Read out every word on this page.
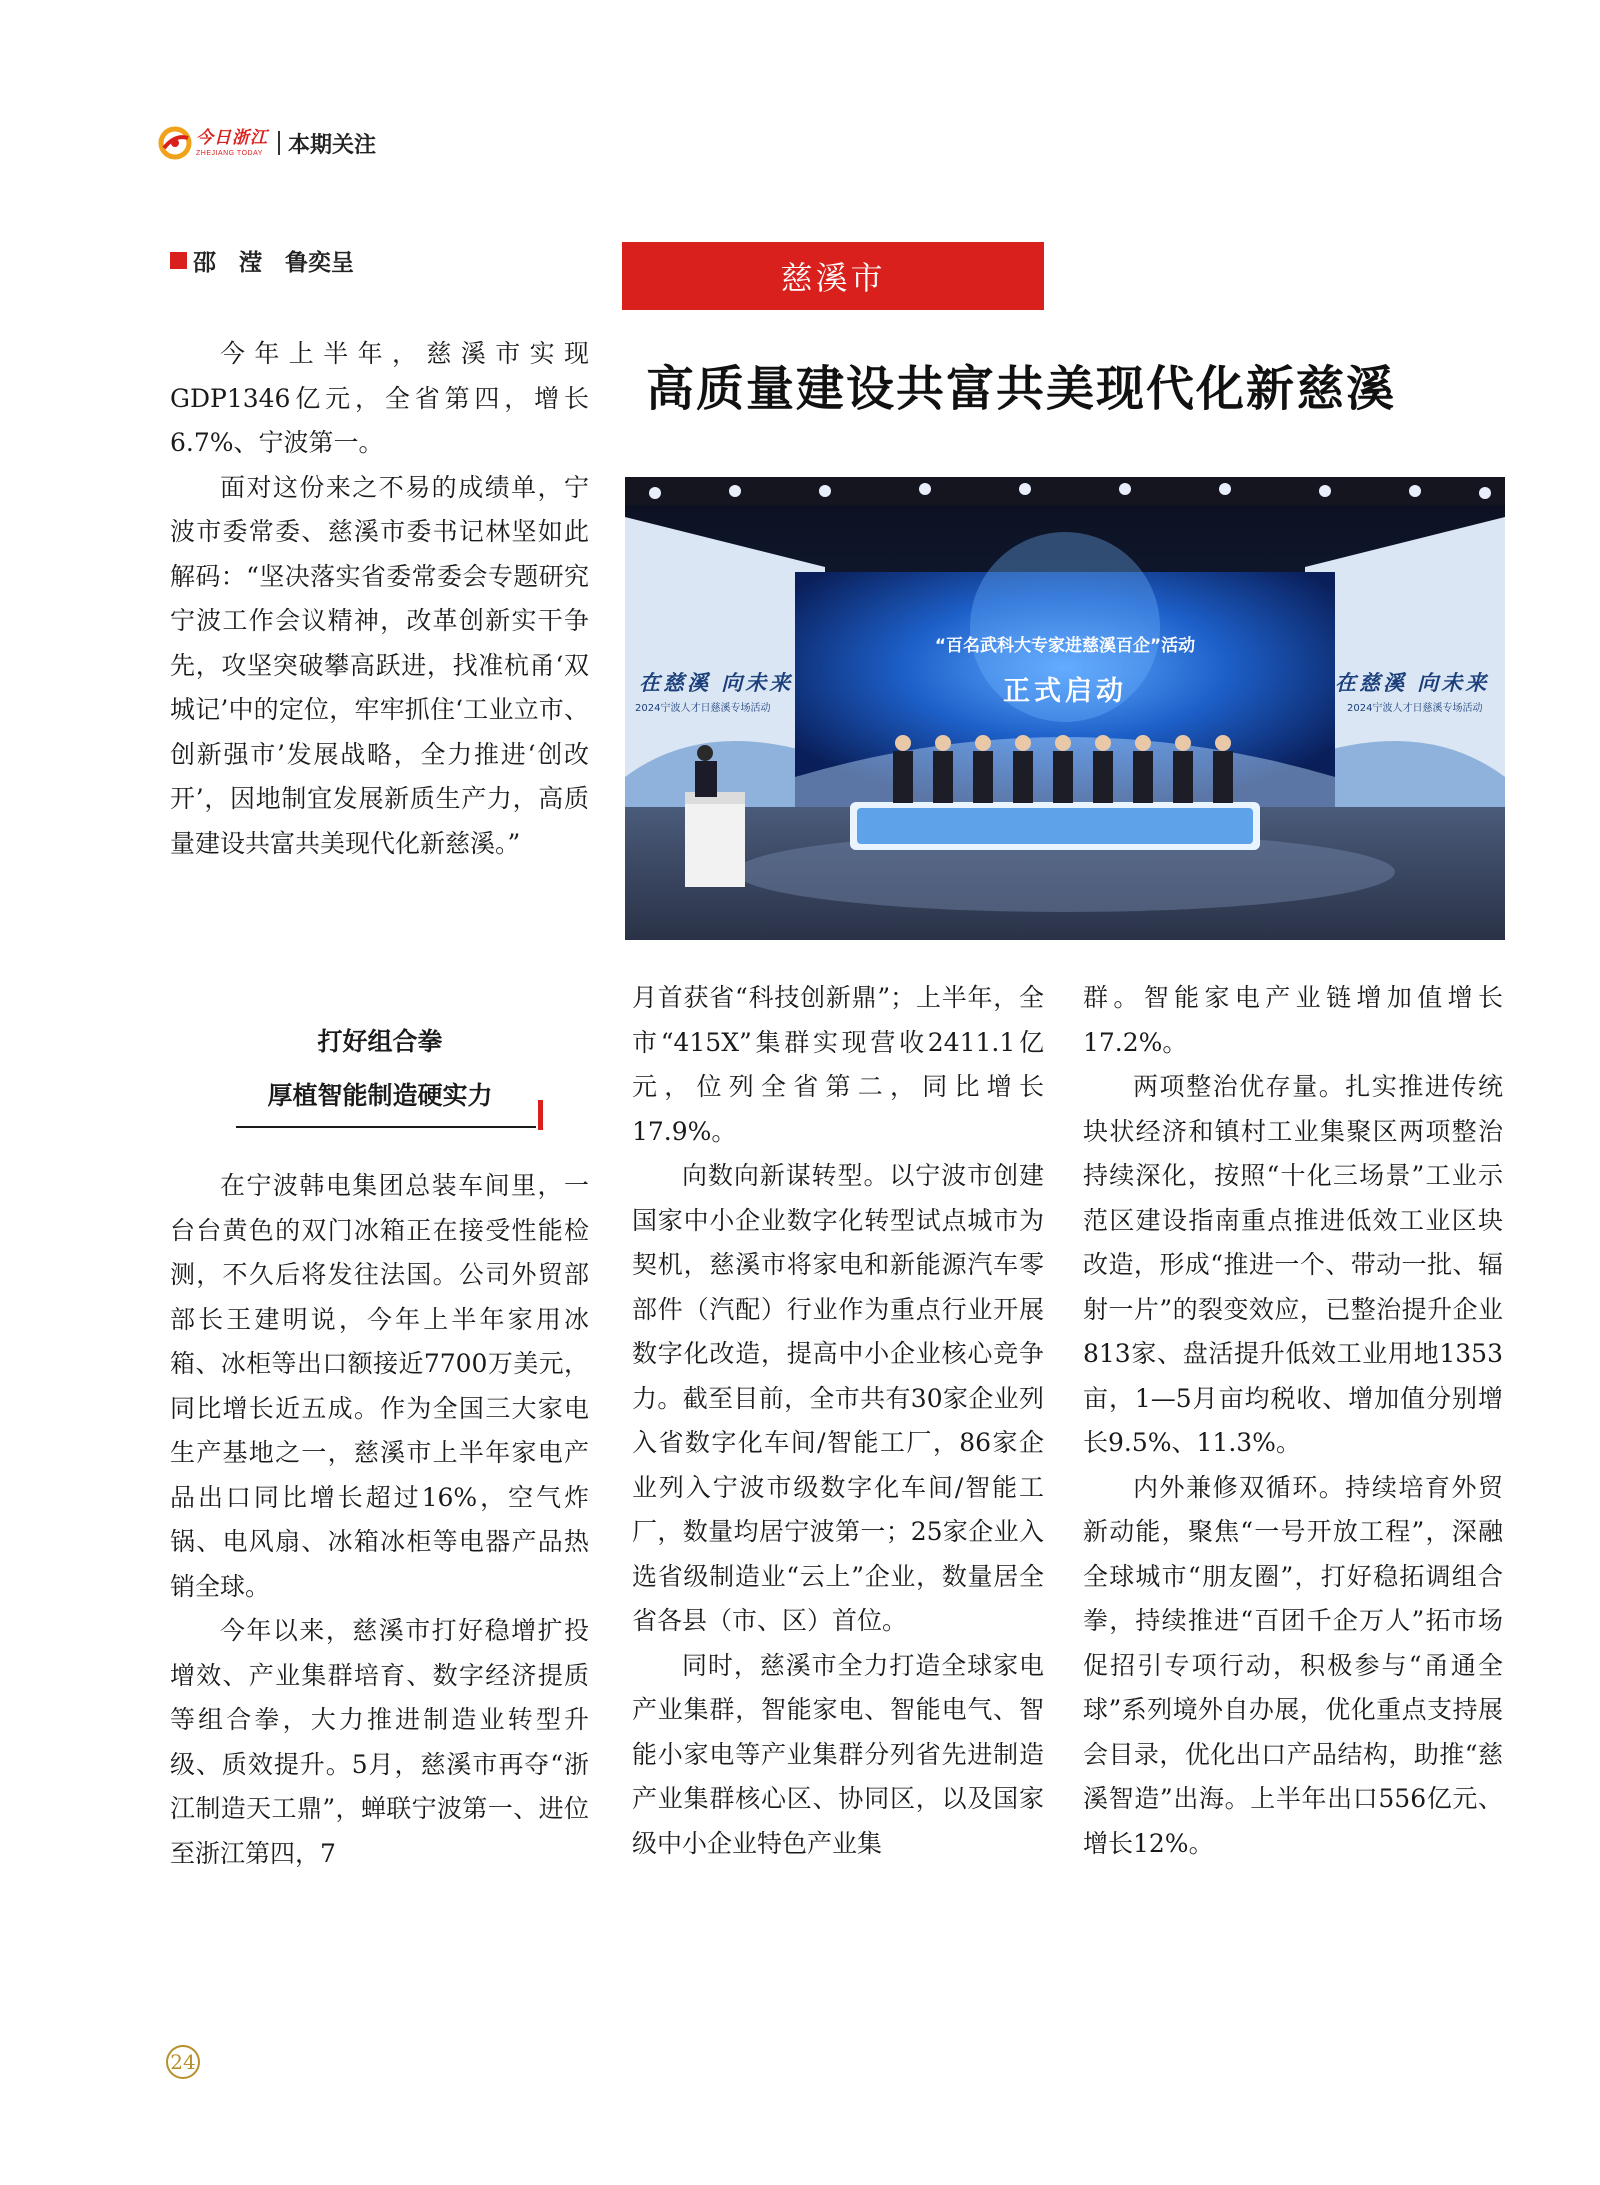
今日浙江
ZHEJIANG TODAY 本期关注
邵　滢　鲁奕呈	慈溪市
高质量建设共富共美现代化新慈溪
“百名武科大专家进慈溪百企”活动
正式启动
在慈溪 向未来
2024宁波人才日慈溪专场活动
在慈溪 向未来
2024宁波人才日慈溪专场活动

今年上半年，慈溪市实现GDP1346亿元，全省第四，增长6.7%、宁波第一。

面对这份来之不易的成绩单，宁波市委常委、慈溪市委书记林坚如此解码：“坚决落实省委常委会专题研究宁波工作会议精神，改革创新实干争先，攻坚突破攀高跃进，找准杭甬‘双城记’中的定位，牢牢抓住‘工业立市、创新强市’发展战略，全力推进‘创改开’，因地制宜发展新质生产力，高质量建设共富共美现代化新慈溪。”

打好组合拳
厚植智能制造硬实力

在宁波韩电集团总装车间里，一台台黄色的双门冰箱正在接受性能检测，不久后将发往法国。公司外贸部部长王建明说，今年上半年家用冰箱、冰柜等出口额接近7700万美元，同比增长近五成。作为全国三大家电生产基地之一，慈溪市上半年家电产品出口同比增长超过16%，空气炸锅、电风扇、冰箱冰柜等电器产品热销全球。

今年以来，慈溪市打好稳增扩投增效、产业集群培育、数字经济提质等组合拳，大力推进制造业转型升级、质效提升。5月，慈溪市再夺“浙江制造天工鼎”，蝉联宁波第一、进位至浙江第四，7

月首获省“科技创新鼎”；上半年，全市“415X”集群实现营收2411.1亿元，位列全省第二，同比增长17.9%。

向数向新谋转型。以宁波市创建国家中小企业数字化转型试点城市为契机，慈溪市将家电和新能源汽车零部件（汽配）行业作为重点行业开展数字化改造，提高中小企业核心竞争力。截至目前，全市共有30家企业列入省数字化车间/智能工厂，86家企业列入宁波市级数字化车间/智能工厂，数量均居宁波第一；25家企业入选省级制造业“云上”企业，数量居全省各县（市、区）首位。

同时，慈溪市全力打造全球家电产业集群，智能家电、智能电气、智能小家电等产业集群分列省先进制造产业集群核心区、协同区，以及国家级中小企业特色产业集

群。智能家电产业链增加值增长17.2%。

两项整治优存量。扎实推进传统块状经济和镇村工业集聚区两项整治持续深化，按照“十化三场景”工业示范区建设指南重点推进低效工业区块改造，形成“推进一个、带动一批、辐射一片”的裂变效应，已整治提升企业813家、盘活提升低效工业用地1353亩，1—5月亩均税收、增加值分别增长9.5%、11.3%。

内外兼修双循环。持续培育外贸新动能，聚焦“一号开放工程”，深融全球城市“朋友圈”，打好稳拓调组合拳，持续推进“百团千企万人”拓市场促招引专项行动，积极参与“甬通全球”系列境外自办展，优化重点支持展会目录，优化出口产品结构，助推“慈溪智造”出海。上半年出口556亿元、增长12%。

24
